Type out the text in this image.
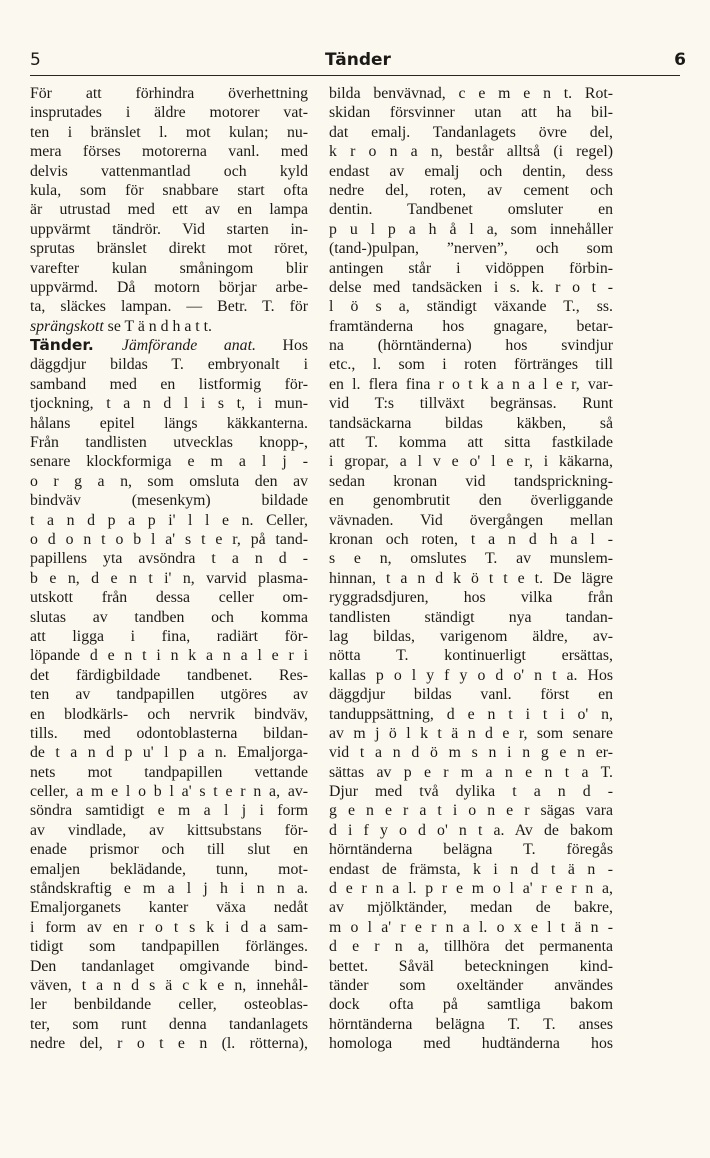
5	Tänder	6
För att förhindra överhettning
insprutades i äldre motorer vat-
ten i bränslet l. mot kulan; nu-
mera förses motorerna vanl. med
delvis vattenmantlad och kyld
kula, som för snabbare start ofta
är utrustad med ett av en lampa
uppvärmt tändrör. Vid starten in-
sprutas bränslet direkt mot röret,
varefter kulan småningom blir
uppvärmd. Då motorn börjar arbe-
ta, släckes lampan. — Betr. T. för
sprängskott se T ä n d h a t t.
Tänder. Jämförande anat. Hos
däggdjur bildas T. embryonalt i
samband med en listformig för-
tjockning, t a n d l i s t, i mun-
hålans epitel längs käkkanterna.
Från tandlisten utvecklas knopp-,
senare klockformiga e m a l j -
o r g a n, som omsluta den av
bindväv (mesenkym) bildade
t a n d p a p i' l l e n. Celler,
o d o n t o b l a' s t e r, på tand-
papillens yta avsöndra t a n d -
b e n, d e n t i' n, varvid plasma-
utskott från dessa celler om-
slutas av tandben och komma
att ligga i fina, radiärt för-
löpande d e n t i n k a n a l e r i
det färdigbildade tandbenet. Res-
ten av tandpapillen utgöres av
en blodkärls- och nervrik bindväv,
tills. med odontoblasterna bildan-
de t a n d p u' l p a n. Emaljorga-
nets mot tandpapillen vettande
celler, a m e l o b l a' s t e r n a, av-
söndra samtidigt e m a l j i form
av vindlade, av kittsubstans för-
enade prismor och till slut en
emaljen beklädande, tunn, mot-
ståndskraftig e m a l j h i n n a.
Emaljorganets kanter växa nedåt
i form av en r o t s k i d a sam-
tidigt som tandpapillen förlänges.
Den tandanlaget omgivande bind-
väven, t a n d s ä c k e n, innehål-
ler benbildande celler, osteoblas-
ter, som runt denna tandanlagets
nedre del, r o t e n (l. rötterna),
bilda benvävnad, c e m e n t. Rot-
skidan försvinner utan att ha bil-
dat emalj. Tandanlagets övre del,
k r o n a n, består alltså (i regel)
endast av emalj och dentin, dess
nedre del, roten, av cement och
dentin. Tandbenet omsluter en
p u l p a h å l a, som innehåller
(tand-)pulpan, ”nerven”, och som
antingen står i vidöppen förbin-
delse med tandsäcken i s. k. r o t -
l ö s a, ständigt växande T., ss.
framtänderna hos gnagare, betar-
na (hörntänderna) hos svindjur
etc., l. som i roten förtränges till
en l. flera fina r o t k a n a l e r, var-
vid T:s tillväxt begränsas. Runt
tandsäckarna bildas käkben, så
att T. komma att sitta fastkilade
i gropar, a l v e o' l e r, i käkarna,
sedan kronan vid tandsprickning-
en genombrutit den överliggande
vävnaden. Vid övergången mellan
kronan och roten, t a n d h a l -
s e n, omslutes T. av munslem-
hinnan, t a n d k ö t t e t. De lägre
ryggradsdjuren, hos vilka från
tandlisten ständigt nya tandan-
lag bildas, varigenom äldre, av-
nötta T. kontinuerligt ersättas,
kallas p o l y f y o d o' n t a. Hos
däggdjur bildas vanl. först en
tanduppsättning, d e n t i t i o' n,
av m j ö l k t ä n d e r, som senare
vid t a n d ö m s n i n g e n er-
sättas av p e r m a n e n t a T.
Djur med två dylika t a n d -
g e n e r a t i o n e r sägas vara
d i f y o d o' n t a. Av de bakom
hörntänderna belägna T. föregås
endast de främsta, k i n d t ä n -
d e r n a l. p r e m o l a' r e r n a,
av mjölktänder, medan de bakre,
m o l a' r e r n a l. o x e l t ä n -
d e r n a, tillhöra det permanenta
bettet. Såväl beteckningen kind-
tänder som oxeltänder användes
dock ofta på samtliga bakom
hörntänderna belägna T. T. anses
homologa med hudtänderna hos
